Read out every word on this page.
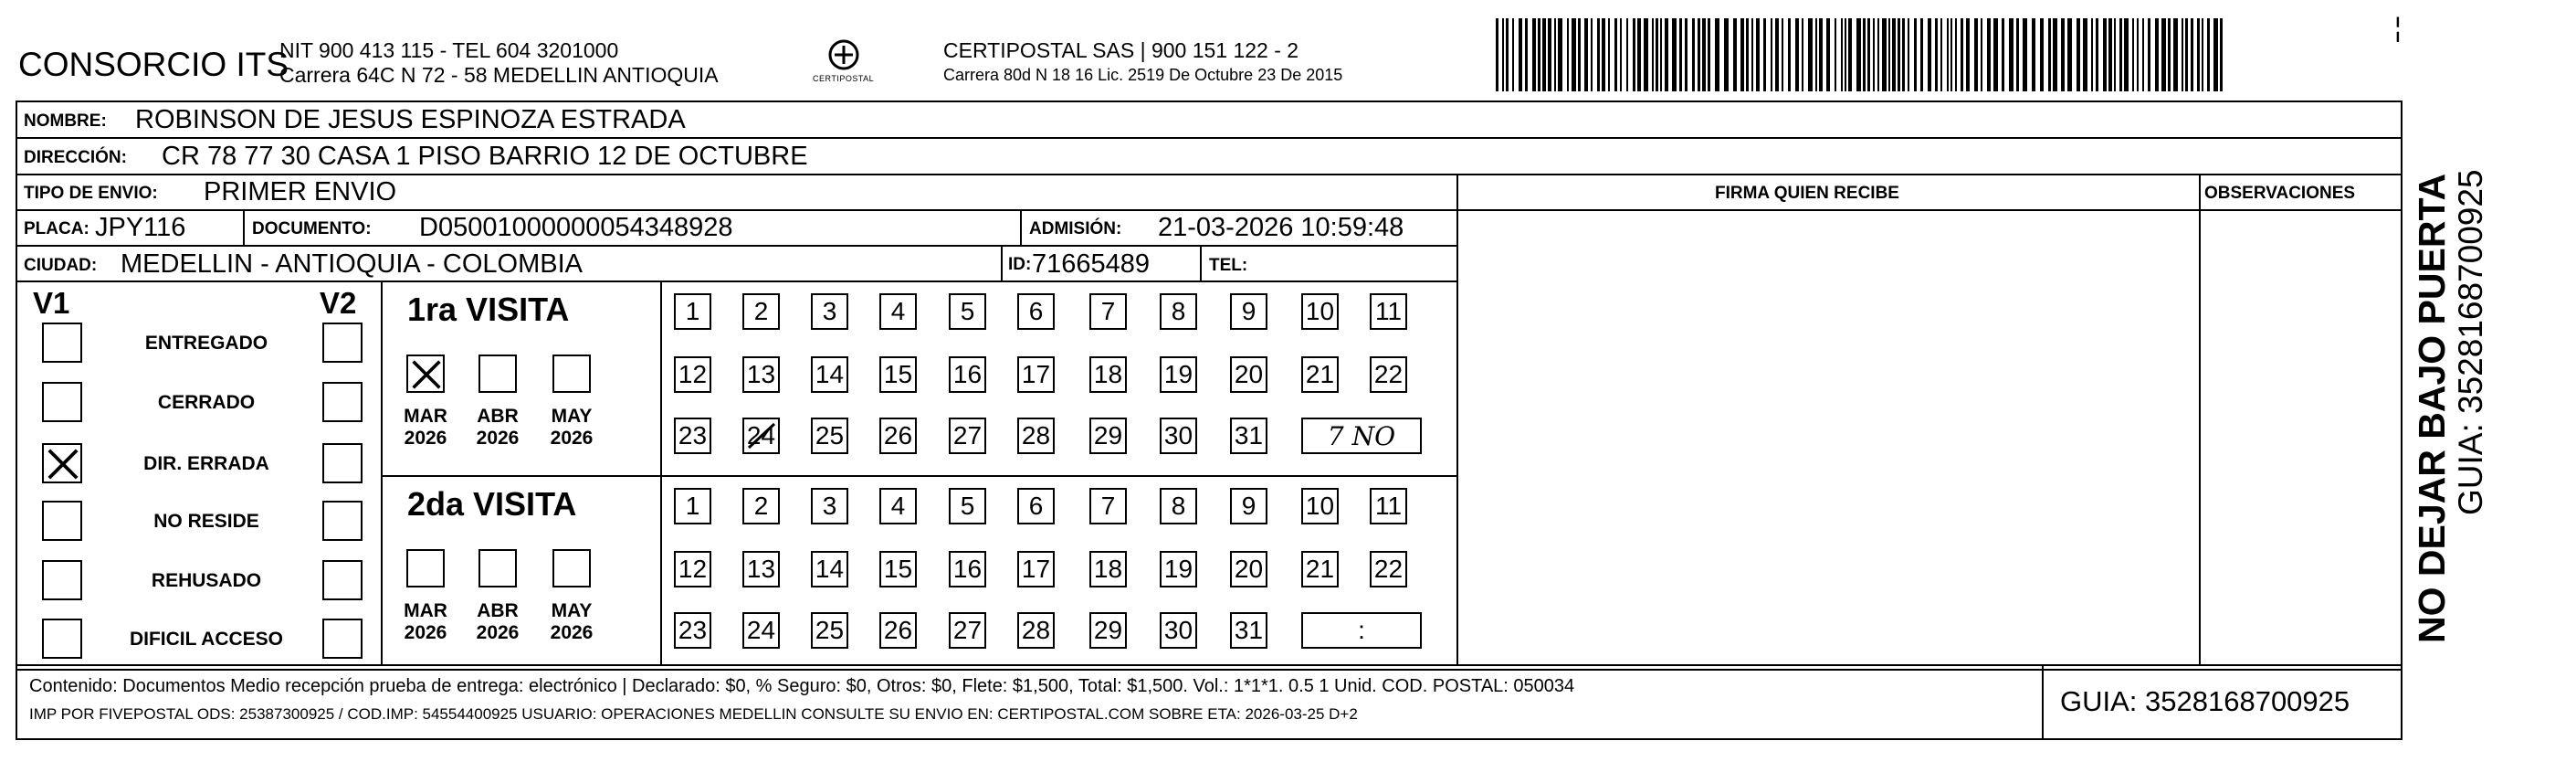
CONSORCIO ITS
NIT 900 413 115 - TEL 604 3201000
Carrera 64C N 72 - 58 MEDELLIN ANTIOQUIA	CERTIPOSTAL
CERTIPOSTAL SAS | 900 151 122 - 2
Carrera 80d N 18 16 Lic. 2519 De Octubre 23 De 2015
¦
NOMBRE: ROBINSON DE JESUS ESPINOZA ESTRADA
DIRECCIÓN: CR 78 77 30 CASA 1 PISO BARRIO 12 DE OCTUBRE
TIPO DE ENVIO: PRIMER ENVIO	FIRMA QUIEN RECIBE	OBSERVACIONES
PLACA: JPY116	DOCUMENTO: D05001000000054348928	ADMISIÓN: 21-03-2026 10:59:48
CIUDAD: MEDELLIN - ANTIOQUIA - COLOMBIA	ID: 71665489	TEL:
V1	V2
ENTREGADO
CERRADO
DIR. ERRADA
NO RESIDE
REHUSADO
DIFICIL ACCESO
1ra VISITA
MAR
2026
ABR
2026
MAY
2026
1 2 3 4 5 6 7 8 9 10 11
12 13 14 15 16 17 18 19 20 21 22
23 24 25 26 27 28 29 30 31	7 NO
2da VISITA
MAR
2026
ABR
2026
MAY
2026
1 2 3 4 5 6 7 8 9 10 11
12 13 14 15 16 17 18 19 20 21 22
23 24 25 26 27 28 29 30 31	:
Contenido: Documentos Medio recepción prueba de entrega: electrónico | Declarado: $0, % Seguro: $0, Otros: $0, Flete: $1,500, Total: $1,500. Vol.: 1*1*1. 0.5 1 Unid. COD. POSTAL: 050034
IMP POR FIVEPOSTAL ODS: 25387300925 / COD.IMP: 54554400925 USUARIO: OPERACIONES MEDELLIN CONSULTE SU ENVIO EN: CERTIPOSTAL.COM SOBRE ETA: 2026-03-25 D+2	GUIA: 3528168700925
NO DEJAR BAJO PUERTA GUIA: 3528168700925
